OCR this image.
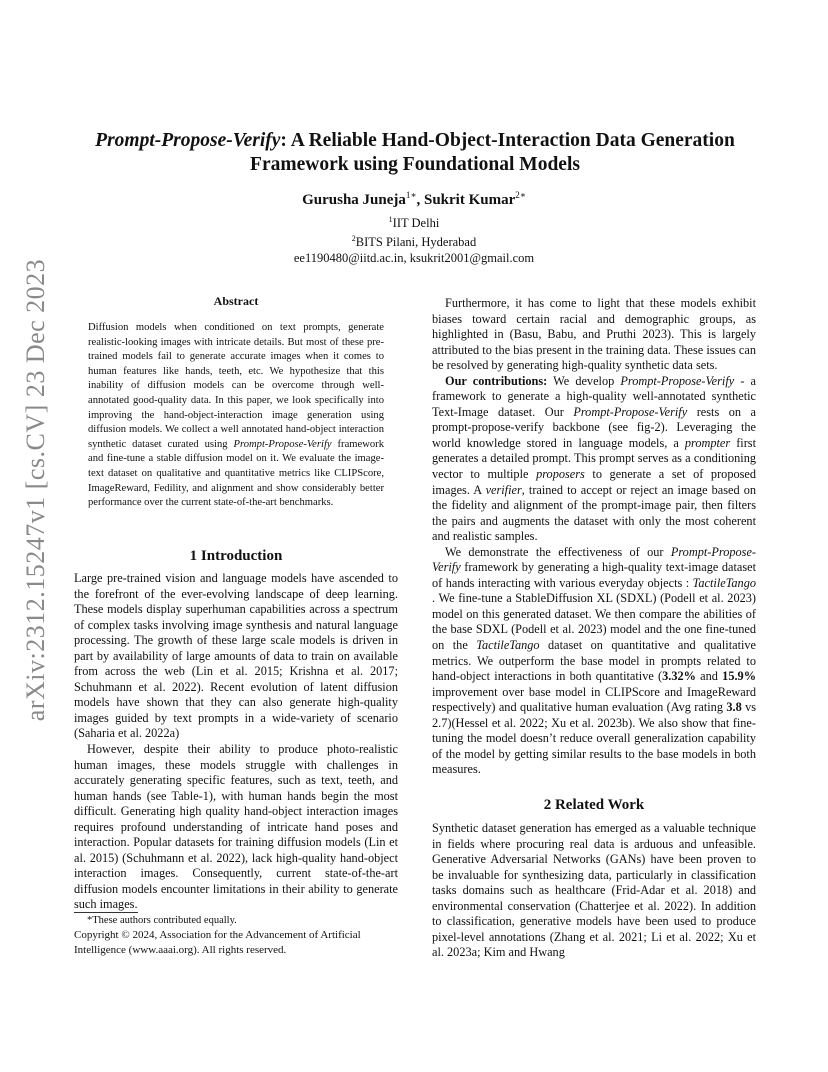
arXiv:2312.15247v1 [cs.CV] 23 Dec 2023
Prompt-Propose-Verify: A Reliable Hand-Object-Interaction Data Generation Framework using Foundational Models
Gurusha Juneja$^{1∗}$, Sukrit Kumar$^{2∗}$
$^1$IIT Delhi
$^2$BITS Pilani, Hyderabad
ee1190480@iitd.ac.in, ksukrit2001@gmail.com
Abstract
Diffusion models when conditioned on text prompts, generate realistic-looking images with intricate details. But most of these pre-trained models fail to generate accurate images when it comes to human features like hands, teeth, etc. We hypothesize that this inability of diffusion models can be overcome through well-annotated good-quality data. In this paper, we look specifically into improving the hand-object-interaction image generation using diffusion models. We collect a well annotated hand-object interaction synthetic dataset curated using Prompt-Propose-Verify framework and fine-tune a stable diffusion model on it. We evaluate the image-text dataset on qualitative and quantitative metrics like CLIPScore, ImageReward, Fedility, and alignment and show considerably better performance over the current state-of-the-art benchmarks.
1 Introduction

Large pre-trained vision and language models have ascended to the forefront of the ever-evolving landscape of deep learning. These models display superhuman capabilities across a spectrum of complex tasks involving image synthesis and natural language processing. The growth of these large scale models is driven in part by availability of large amounts of data to train on available from across the web (Lin et al. 2015; Krishna et al. 2017; Schuhmann et al. 2022). Recent evolution of latent diffusion models have shown that they can also generate high-quality images guided by text prompts in a wide-variety of scenario (Saharia et al. 2022a)

However, despite their ability to produce photo-realistic human images, these models struggle with challenges in accurately generating specific features, such as text, teeth, and human hands (see Table-1), with human hands begin the most difficult. Generating high quality hand-object interaction images requires profound understanding of intricate hand poses and interaction. Popular datasets for training diffusion models (Lin et al. 2015) (Schuhmann et al. 2022), lack high-quality hand-object interaction images. Consequently, current state-of-the-art diffusion models encounter limitations in their ability to generate such images.

*These authors contributed equally.
Copyright © 2024, Association for the Advancement of Artificial Intelligence (www.aaai.org). All rights reserved.

Furthermore, it has come to light that these models exhibit biases toward certain racial and demographic groups, as highlighted in (Basu, Babu, and Pruthi 2023). This is largely attributed to the bias present in the training data. These issues can be resolved by generating high-quality synthetic data sets.

Our contributions: We develop Prompt-Propose-Verify - a framework to generate a high-quality well-annotated synthetic Text-Image dataset. Our Prompt-Propose-Verify rests on a prompt-propose-verify backbone (see fig-2). Leveraging the world knowledge stored in language models, a prompter first generates a detailed prompt. This prompt serves as a conditioning vector to multiple proposers to generate a set of proposed images. A verifier, trained to accept or reject an image based on the fidelity and alignment of the prompt-image pair, then filters the pairs and augments the dataset with only the most coherent and realistic samples.

We demonstrate the effectiveness of our Prompt-Propose-Verify framework by generating a high-quality text-image dataset of hands interacting with various everyday objects : TactileTango . We fine-tune a StableDiffusion XL (SDXL) (Podell et al. 2023) model on this generated dataset. We then compare the abilities of the base SDXL (Podell et al. 2023) model and the one fine-tuned on the TactileTango dataset on quantitative and qualitative metrics. We outperform the base model in prompts related to hand-object interactions in both quantitative (3.32% and 15.9% improvement over base model in CLIPScore and ImageReward respectively) and qualitative human evaluation (Avg rating 3.8 vs 2.7)(Hessel et al. 2022; Xu et al. 2023b). We also show that fine-tuning the model doesn’t reduce overall generalization capability of the model by getting similar results to the base models in both measures.

2 Related Work

Synthetic dataset generation has emerged as a valuable technique in fields where procuring real data is arduous and unfeasible. Generative Adversarial Networks (GANs) have been proven to be invaluable for synthesizing data, particularly in classification tasks domains such as healthcare (Frid-Adar et al. 2018) and environmental conservation (Chatterjee et al. 2022). In addition to classification, generative models have been used to produce pixel-level annotations (Zhang et al. 2021; Li et al. 2022; Xu et al. 2023a; Kim and Hwang
